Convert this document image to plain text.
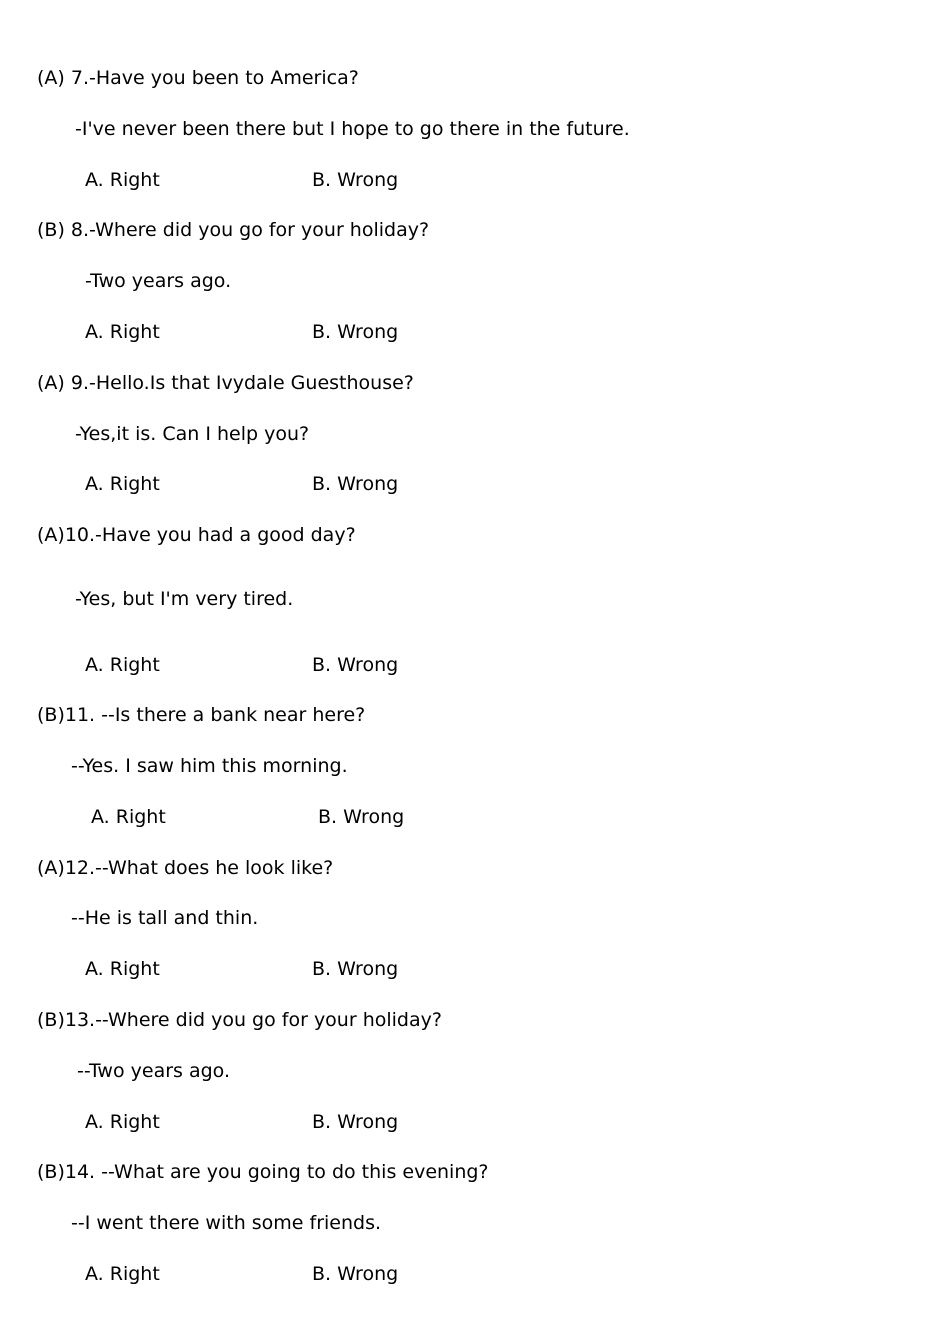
(A) 7.-Have you been to America?
-I've never been there but I hope to go there in the future.
A. Right	B. Wrong
(B) 8.-Where did you go for your holiday?
-Two years ago.
A. Right	B. Wrong
(A) 9.-Hello.Is that Ivydale Guesthouse?
-Yes,it is. Can I help you?
A. Right	B. Wrong
(A)10.-Have you had a good day?
-Yes, but I'm very tired.
A. Right	B. Wrong
(B)11. --Is there a bank near here?
--Yes. I saw him this morning.
A. Right	B. Wrong
(A)12.--What does he look like?
--He is tall and thin.
A. Right	B. Wrong
(B)13.--Where did you go for your holiday?
--Two years ago.
A. Right	B. Wrong
(B)14. --What are you going to do this evening?
--I went there with some friends.
A. Right	B. Wrong
